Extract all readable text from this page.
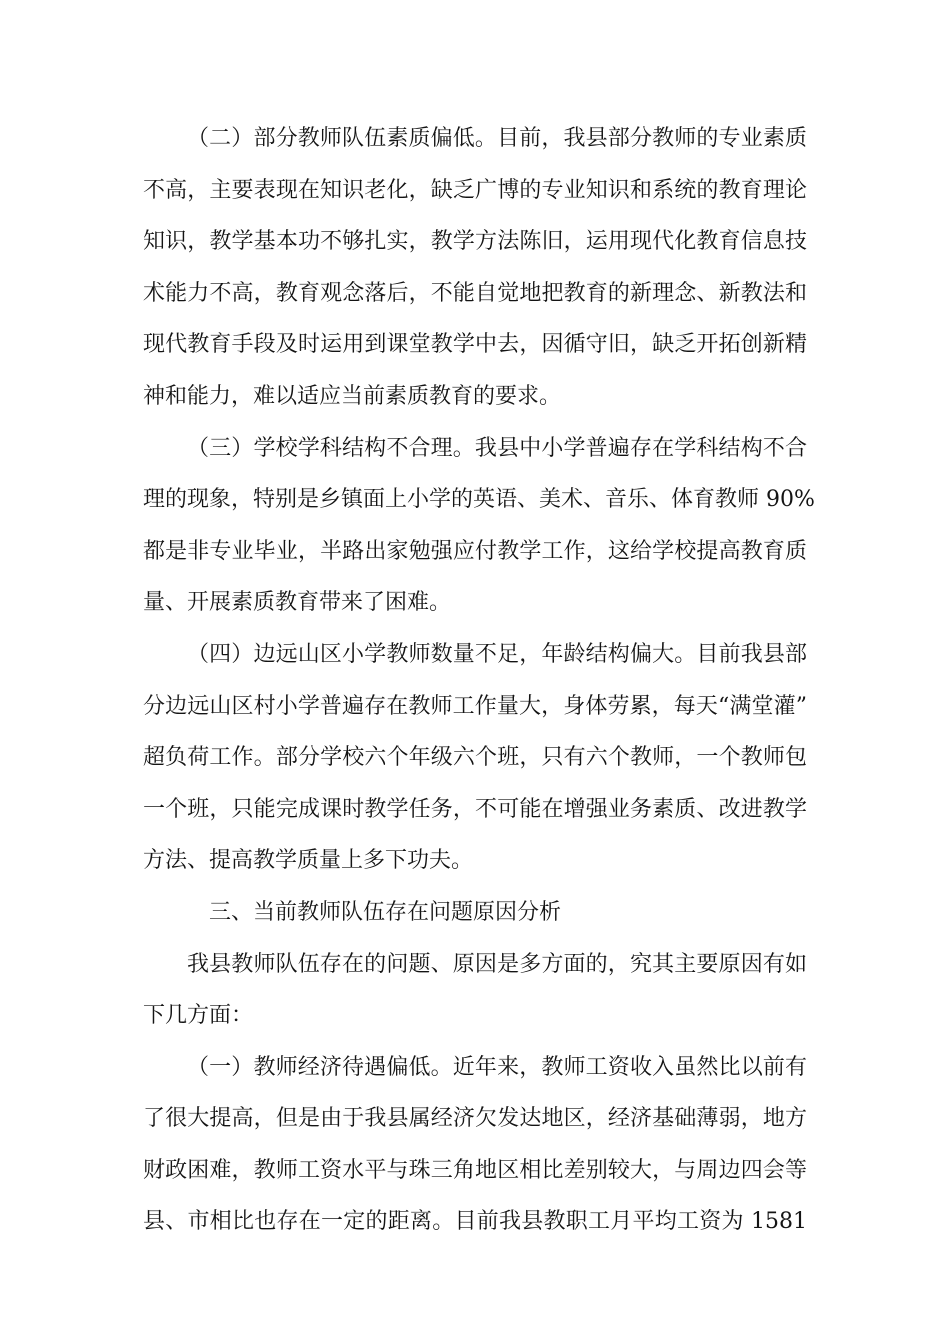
（二）部分教师队伍素质偏低。目前，我县部分教师的专业素质
不高，主要表现在知识老化，缺乏广博的专业知识和系统的教育理论
知识，教学基本功不够扎实，教学方法陈旧，运用现代化教育信息技
术能力不高，教育观念落后，不能自觉地把教育的新理念、新教法和
现代教育手段及时运用到课堂教学中去，因循守旧，缺乏开拓创新精
神和能力，难以适应当前素质教育的要求。

（三）学校学科结构不合理。我县中小学普遍存在学科结构不合
理的现象，特别是乡镇面上小学的英语、美术、音乐、体育教师 90%
都是非专业毕业，半路出家勉强应付教学工作，这给学校提高教育质
量、开展素质教育带来了困难。

（四）边远山区小学教师数量不足，年龄结构偏大。目前我县部
分边远山区村小学普遍存在教师工作量大，身体劳累，每天“满堂灌”
超负荷工作。部分学校六个年级六个班，只有六个教师，一个教师包
一个班，只能完成课时教学任务，不可能在增强业务素质、改进教学
方法、提高教学质量上多下功夫。

三、当前教师队伍存在问题原因分析

我县教师队伍存在的问题、原因是多方面的，究其主要原因有如
下几方面：

（一）教师经济待遇偏低。近年来，教师工资收入虽然比以前有
了很大提高，但是由于我县属经济欠发达地区，经济基础薄弱，地方
财政困难，教师工资水平与珠三角地区相比差别较大，与周边四会等
县、市相比也存在一定的距离。目前我县教职工月平均工资为 1581
